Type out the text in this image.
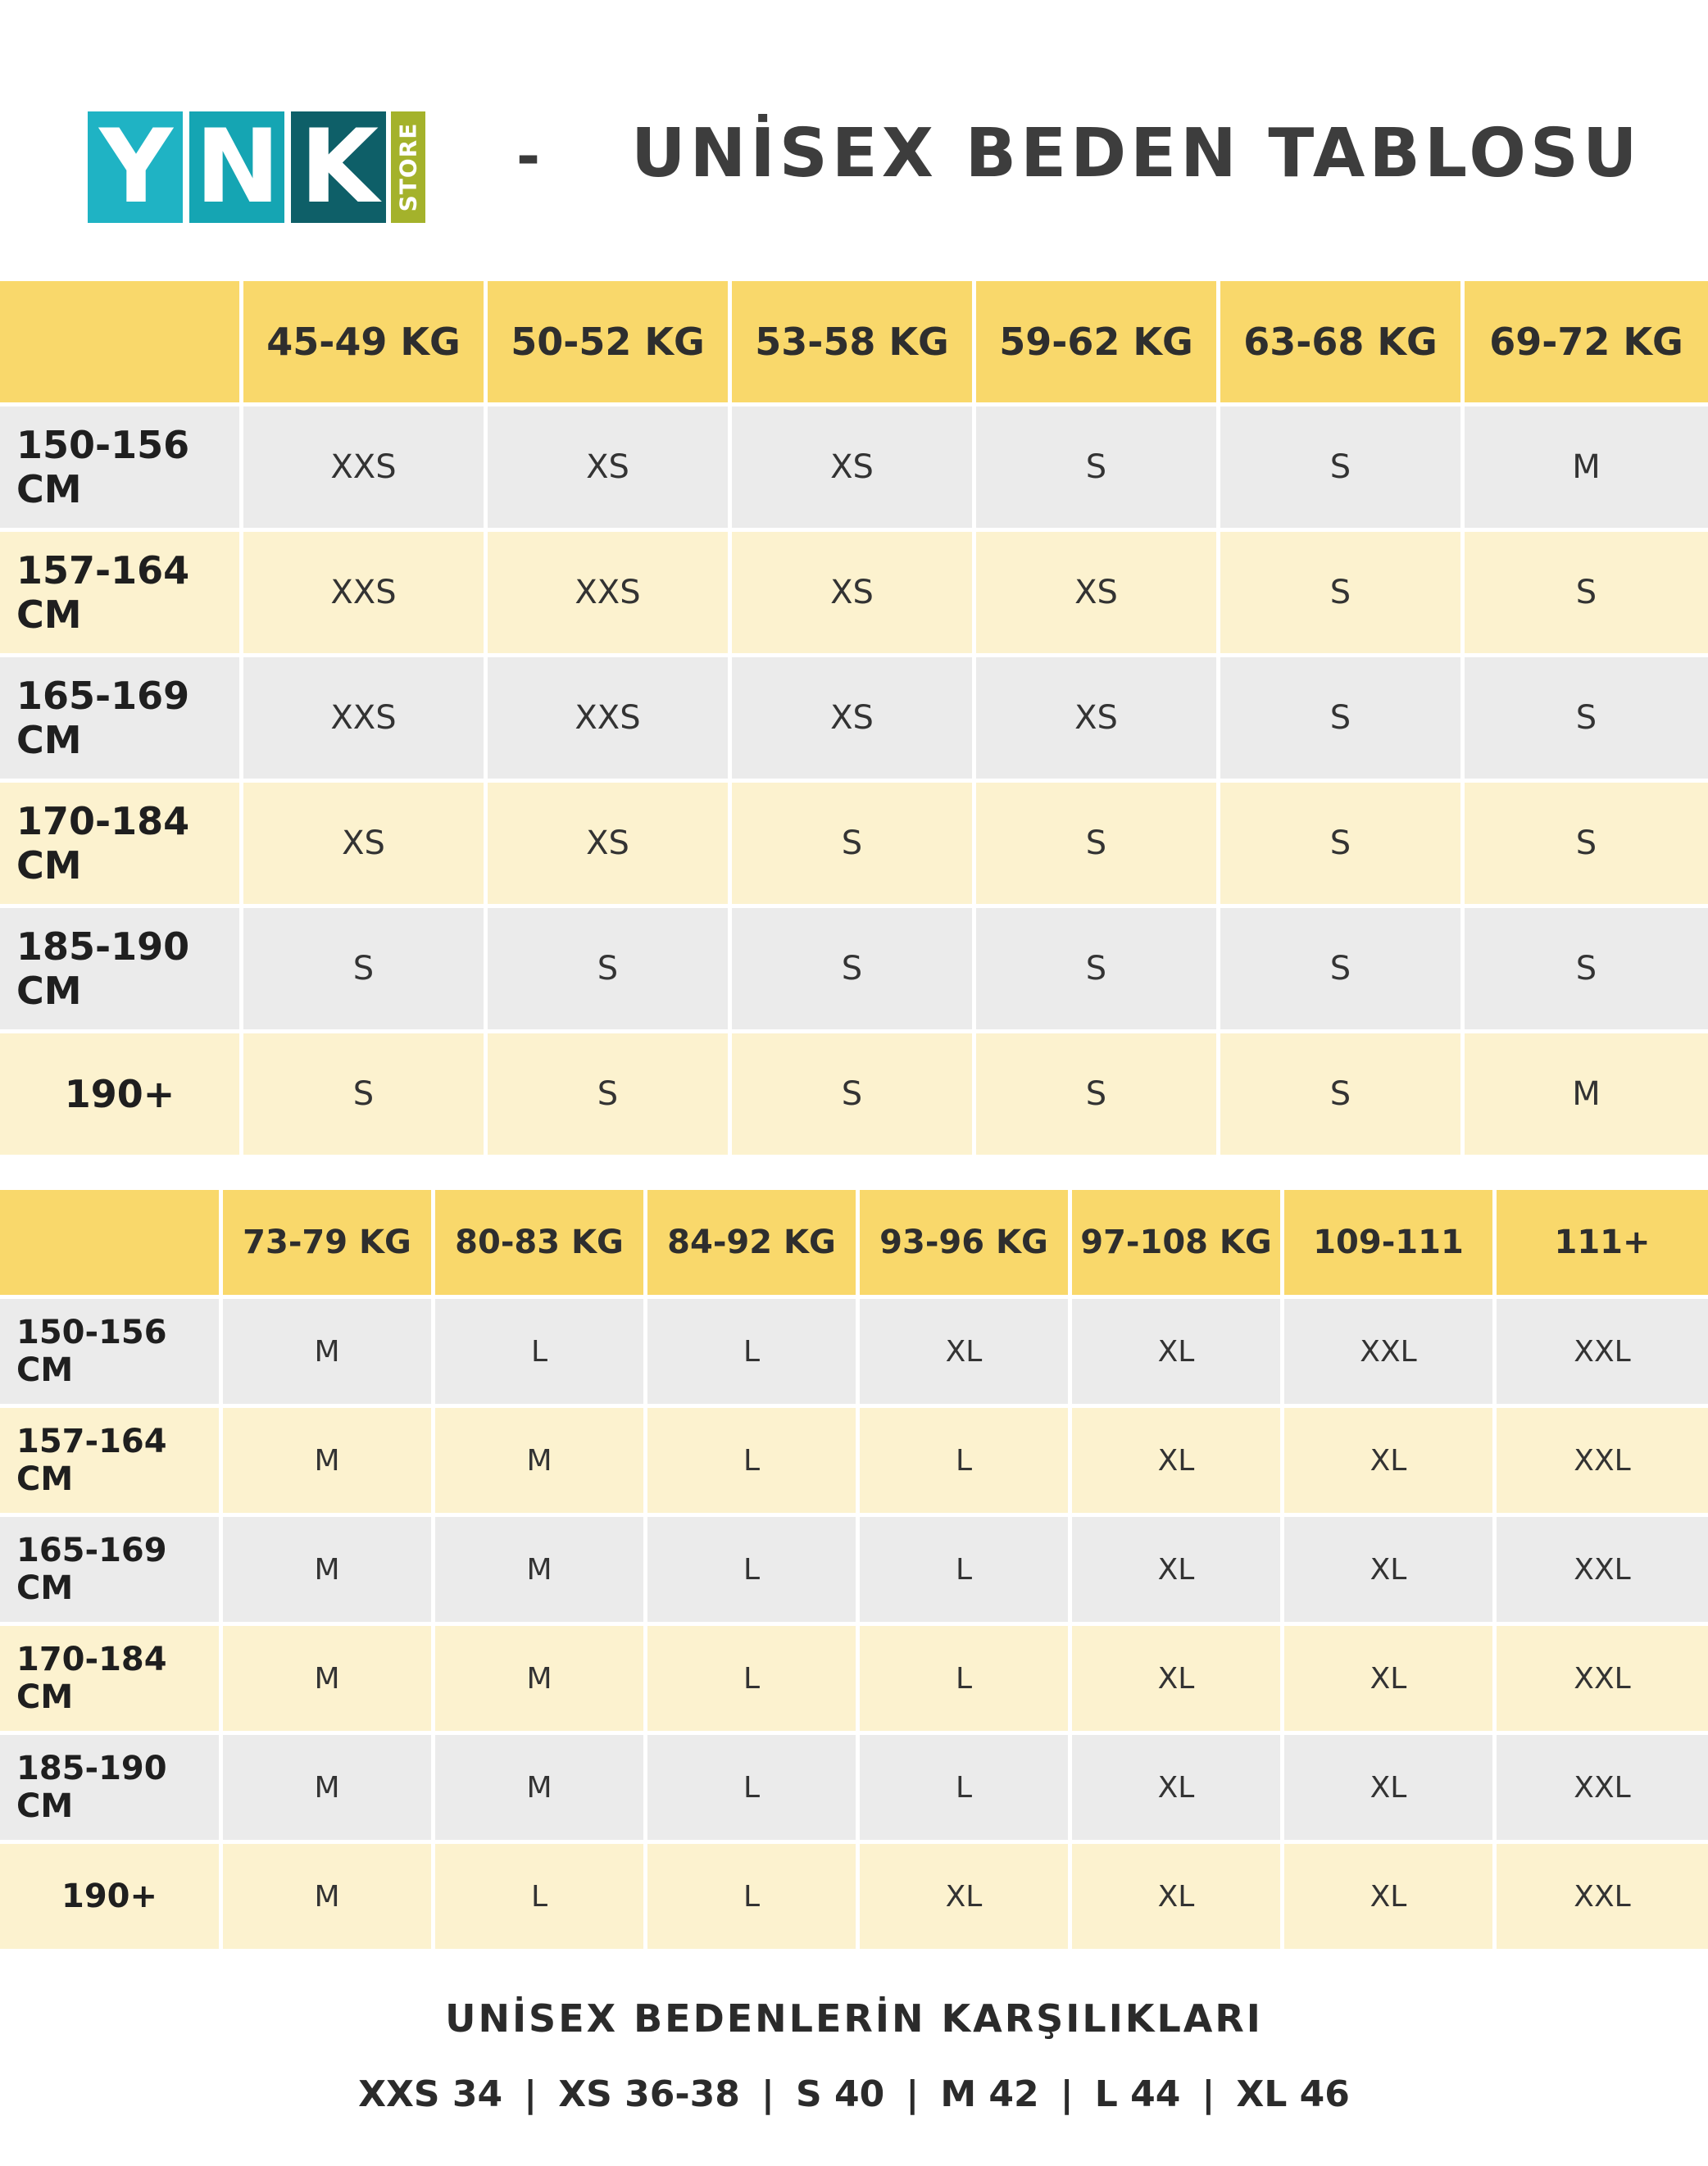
Y N K STORE - UNİSEX BEDEN TABLOSU
	45-49 KG	50-52 KG	53-58 KG	59-62 KG	63-68 KG	69-72 KG
150-156 CM	XXS	XS	XS	S	S	M
157-164 CM	XXS	XXS	XS	XS	S	S
165-169 CM	XXS	XXS	XS	XS	S	S
170-184 CM	XS	XS	S	S	S	S
185-190 CM	S	S	S	S	S	S
190+	S	S	S	S	S	M
	73-79 KG	80-83 KG	84-92 KG	93-96 KG	97-108 KG	109-111	111+
150-156 CM	M	L	L	XL	XL	XXL	XXL
157-164 CM	M	M	L	L	XL	XL	XXL
165-169 CM	M	M	L	L	XL	XL	XXL
170-184 CM	M	M	L	L	XL	XL	XXL
185-190 CM	M	M	L	L	XL	XL	XXL
190+	M	L	L	XL	XL	XL	XXL
UNİSEX BEDENLERİN KARŞILIKLARI
XXS 34 | XS 36-38 | S 40 | M 42 | L 44 | XL 46
